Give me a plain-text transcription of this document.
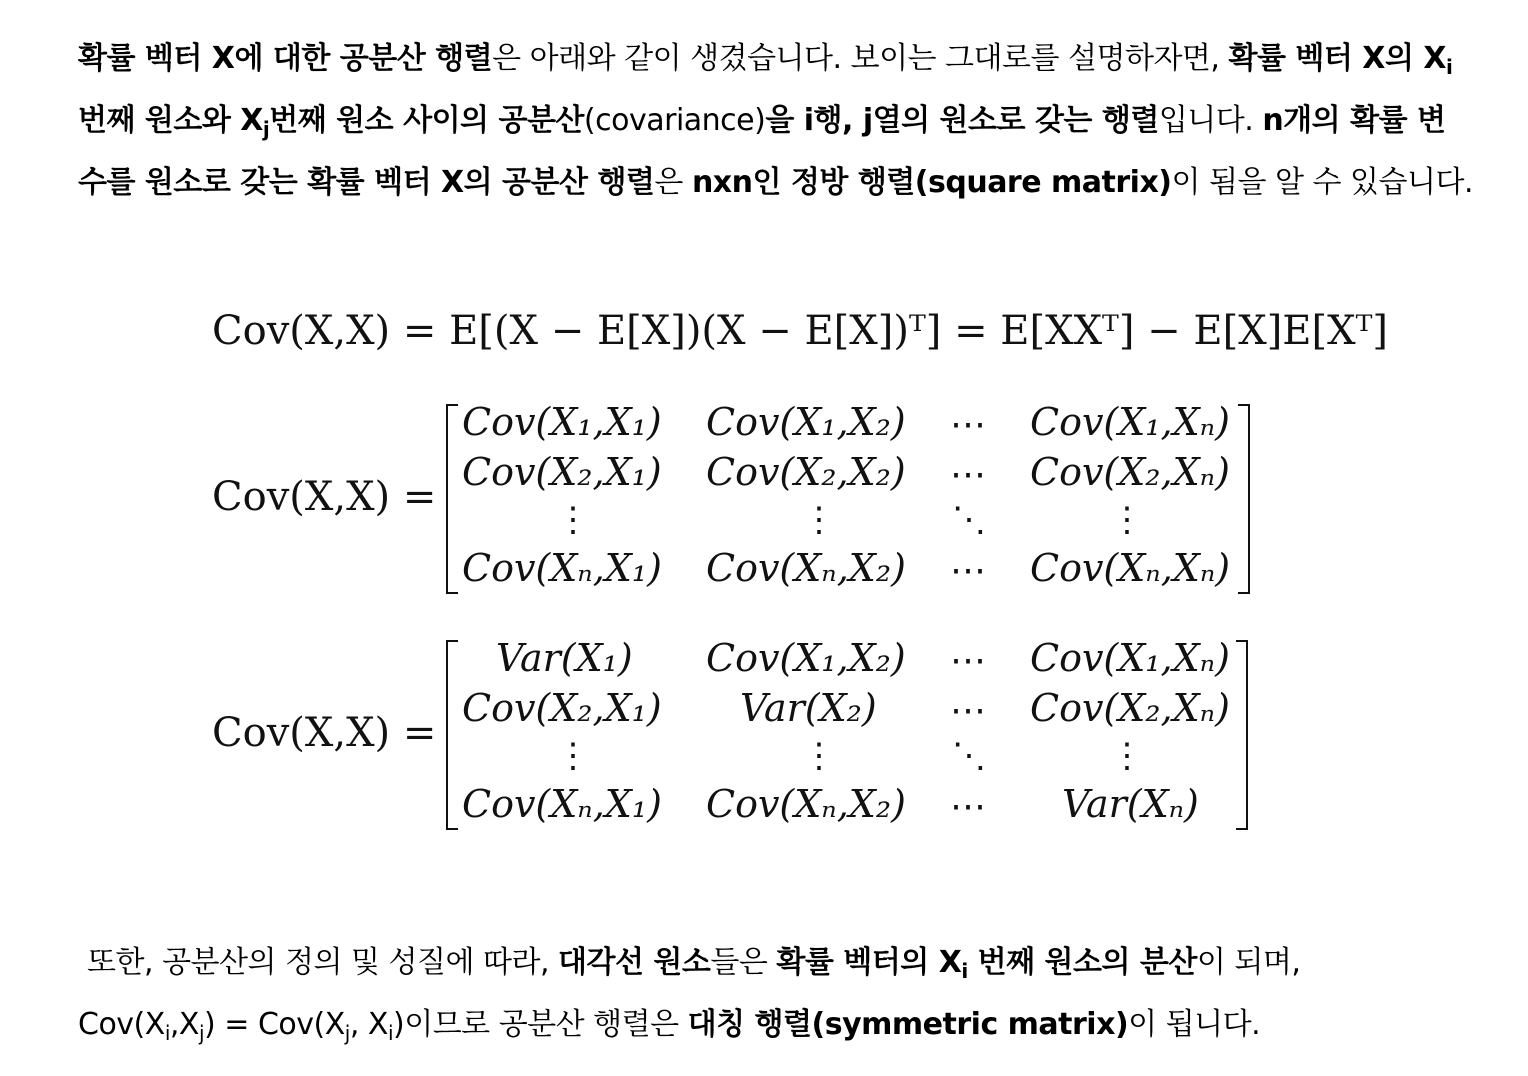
확률 벡터 X에 대한 공분산 행렬은 아래와 같이 생겼습니다. 보이는 그대로를 설명하자면, 확률 벡터 X의 $X_i$
번째 원소와 $X_j$번째 원소 사이의 공분산(covariance)을 i행, j열의 원소로 갖는 행렬입니다. n개의 확률 변
수를 원소로 갖는 확률 벡터 X의 공분산 행렬은 nxn인 정방 행렬(square matrix)이 됨을 알 수 있습니다.
Cov(X,X) = E[(X − E[X])(X − E[X])ᵀ] = E[XXᵀ] − E[X]E[Xᵀ]
Cov(X,X) =
Cov(X₁,X₁) Cov(X₁,X₂) ⋯ Cov(X₁,Xₙ)
Cov(X₂,X₁) Cov(X₂,X₂) ⋯ Cov(X₂,Xₙ)
⋮	⋮	⋱	⋮
Cov(Xₙ,X₁) Cov(Xₙ,X₂) ⋯ Cov(Xₙ,Xₙ)
Cov(X,X) =
Var(X₁) Cov(X₁,X₂) ⋯ Cov(X₁,Xₙ)
Cov(X₂,X₁) Var(X₂) ⋯ Cov(X₂,Xₙ)
⋮	⋮	⋱	⋮
Cov(Xₙ,X₁) Cov(Xₙ,X₂) ⋯ Var(Xₙ)
또한, 공분산의 정의 및 성질에 따라, 대각선 원소들은 확률 벡터의 $X_i$ 번째 원소의 분산이 되며,
$Cov(X_i,X_j) = Cov(X_j$, $X_i$)이므로 공분산 행렬은 대칭 행렬(symmetric matrix)이 됩니다.
